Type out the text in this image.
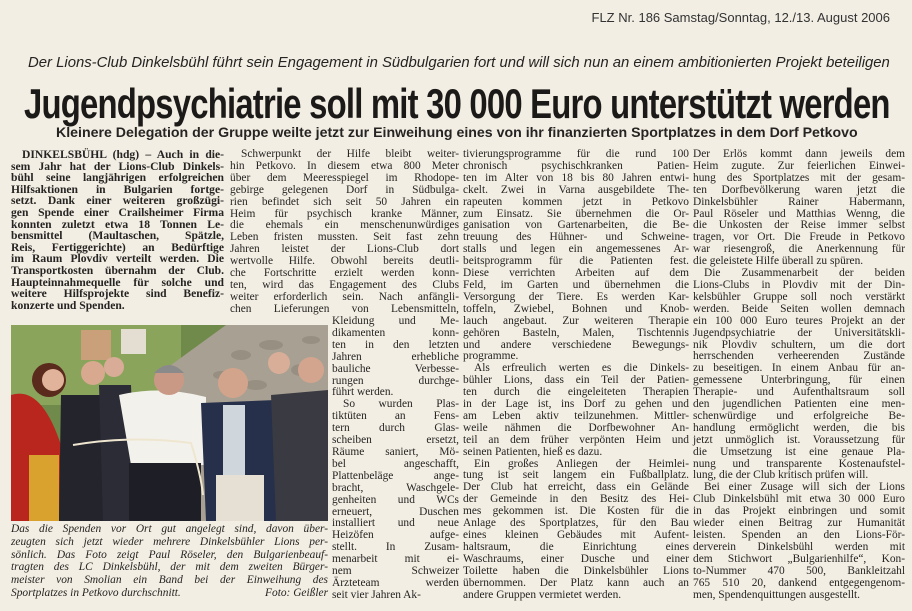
FLZ Nr. 186 Samstag/Sonntag, 12./13. August 2006
Der Lions-Club Dinkelsbühl führt sein Engagement in Südbulgarien fort und will sich nun an einem ambitionierten Projekt beteiligen
Jugendpsychiatrie soll mit 30 000 Euro unterstützt werden
Kleinere Delegation der Gruppe weilte jetzt zur Einweihung eines von ihr finanzierten Sportplatzes in dem Dorf Petkovo
DINKELSBÜHL (hdg) – Auch in die-
sem Jahr hat der Lions-Club Dinkels-
bühl seine langjährigen erfolgreichen
Hilfsaktionen in Bulgarien fortge-
setzt. Dank einer weiteren großzügi-
gen Spende einer Crailsheimer Firma
konnten zuletzt etwa 18 Tonnen Le-
bensmittel (Maultaschen, Spätzle,
Reis, Fertiggerichte) an Bedürftige
im Raum Plovdiv verteilt werden. Die
Transportkosten übernahm der Club.
Haupteinnahmequelle für solche und
weitere Hilfsprojekte sind Benefiz-
konzerte und Spenden.
Schwerpunkt der Hilfe bleibt weiter-
hin Petkovo. In diesem etwa 800 Meter
über dem Meeresspiegel im Rhodope-
gebirge gelegenen Dorf in Südbulga-
rien befindet sich seit 50 Jahren ein
Heim für psychisch kranke Männer,
die ehemals ein menschenunwürdiges
Leben fristen mussten. Seit fast zehn
Jahren leistet der Lions-Club dort
wertvolle Hilfe. Obwohl bereits deutli-
che Fortschritte erzielt werden konn-
ten, wird das Engagement des Clubs
weiter erforderlich sein. Nach anfängli-
chen Lieferungen von Lebensmitteln,
Kleidung und Me-
dikamenten konn-
ten in den letzten
Jahren erhebliche
bauliche Verbesse-
rungen durchge-
führt werden.
So wurden Plas-
tiktüten an Fens-
tern durch Glas-
scheiben ersetzt,
Räume saniert, Mö-
bel angeschafft,
Plattenbeläge ange-
bracht, Waschgele-
genheiten und WCs
erneuert, Duschen
installiert und neue
Heizöfen aufge-
stellt. In Zusam-
menarbeit mit ei-
nem Schweizer
Ärzteteam werden
seit vier Jahren Ak-
tivierungsprogramme für die rund 100
chronisch psychischkranken Patien-
ten im Alter von 18 bis 80 Jahren entwi-
ckelt. Zwei in Varna ausgebildete The-
rapeuten kommen jetzt in Petkovo
zum Einsatz. Sie übernehmen die Or-
ganisation von Gartenarbeiten, die Be-
treuung des Hühner- und Schweine-
stalls und legen ein angemessenes Ar-
beitsprogramm für die Patienten fest.
Diese verrichten Arbeiten auf dem
Feld, im Garten und übernehmen die
Versorgung der Tiere. Es werden Kar-
toffeln, Zwiebel, Bohnen und Knob-
lauch angebaut. Zur weiteren Therapie
gehören Basteln, Malen, Tischtennis
und andere verschiedene Bewegungs-
programme.
Als erfreulich werten es die Dinkels-
bühler Lions, dass ein Teil der Patien-
ten durch die eingeleiteten Therapien
in der Lage ist, ins Dorf zu gehen und
am Leben aktiv teilzunehmen. Mittler-
weile nähmen die Dorfbewohner An-
teil an dem früher verpönten Heim und
seinen Patienten, hieß es dazu.
Ein großes Anliegen der Heimlei-
tung ist seit langem ein Fußballplatz.
Der Club hat erreicht, dass ein Gelände
der Gemeinde in den Besitz des Hei-
mes gekommen ist. Die Kosten für die
Anlage des Sportplatzes, für den Bau
eines kleinen Gebäudes mit Aufent-
haltsraum, die Einrichtung eines
Waschraums, einer Dusche und einer
Toilette haben die Dinkelsbühler Lions
übernommen. Der Platz kann auch an
andere Gruppen vermietet werden.
Der Erlös kommt dann jeweils dem
Heim zugute. Zur feierlichen Einwei-
hung des Sportplatzes mit der gesam-
ten Dorfbevölkerung waren jetzt die
Dinkelsbühler Rainer Habermann,
Paul Röseler und Matthias Wenng, die
die Unkosten der Reise immer selbst
tragen, vor Ort. Die Freude in Petkovo
war riesengroß, die Anerkennung für
die geleistete Hilfe überall zu spüren.
Die Zusammenarbeit der beiden
Lions-Clubs in Plovdiv mit der Din-
kelsbühler Gruppe soll noch verstärkt
werden. Beide Seiten wollen demnach
ein 100 000 Euro teures Projekt an der
Jugendpsychiatrie der Universitätskli-
nik Plovdiv schultern, um die dort
herrschenden verheerenden Zustände
zu beseitigen. In einem Anbau für an-
gemessene Unterbringung, für einen
Therapie- und Aufenthaltsraum soll
den jugendlichen Patienten eine men-
schenwürdige und erfolgreiche Be-
handlung ermöglicht werden, die bis
jetzt unmöglich ist. Voraussetzung für
die Umsetzung ist eine genaue Pla-
nung und transparente Kostenaufstel-
lung, die der Club kritisch prüfen will.
Bei einer Zusage will sich der Lions
Club Dinkelsbühl mit etwa 30 000 Euro
in das Projekt einbringen und somit
wieder einen Beitrag zur Humanität
leisten. Spenden an den Lions-För-
derverein Dinkelsbühl werden mit
dem Stichwort „Bulgarienhilfe“, Kon-
to-Nummer 470 500, Bankleitzahl
765 510 20, dankend entgegengenom-
men, Spendenquittungen ausgestellt.
Das die Spenden vor Ort gut angelegt sind, davon über-
zeugten sich jetzt wieder mehrere Dinkelsbühler Lions per-
sönlich. Das Foto zeigt Paul Röseler, den Bulgarienbeauf-
tragten des LC Dinkelsbühl, der mit dem zweiten Bürger-
meister von Smolian ein Band bei der Einweihung des
Sportplatzes in Petkovo durchschnitt.	Foto: Geißler
